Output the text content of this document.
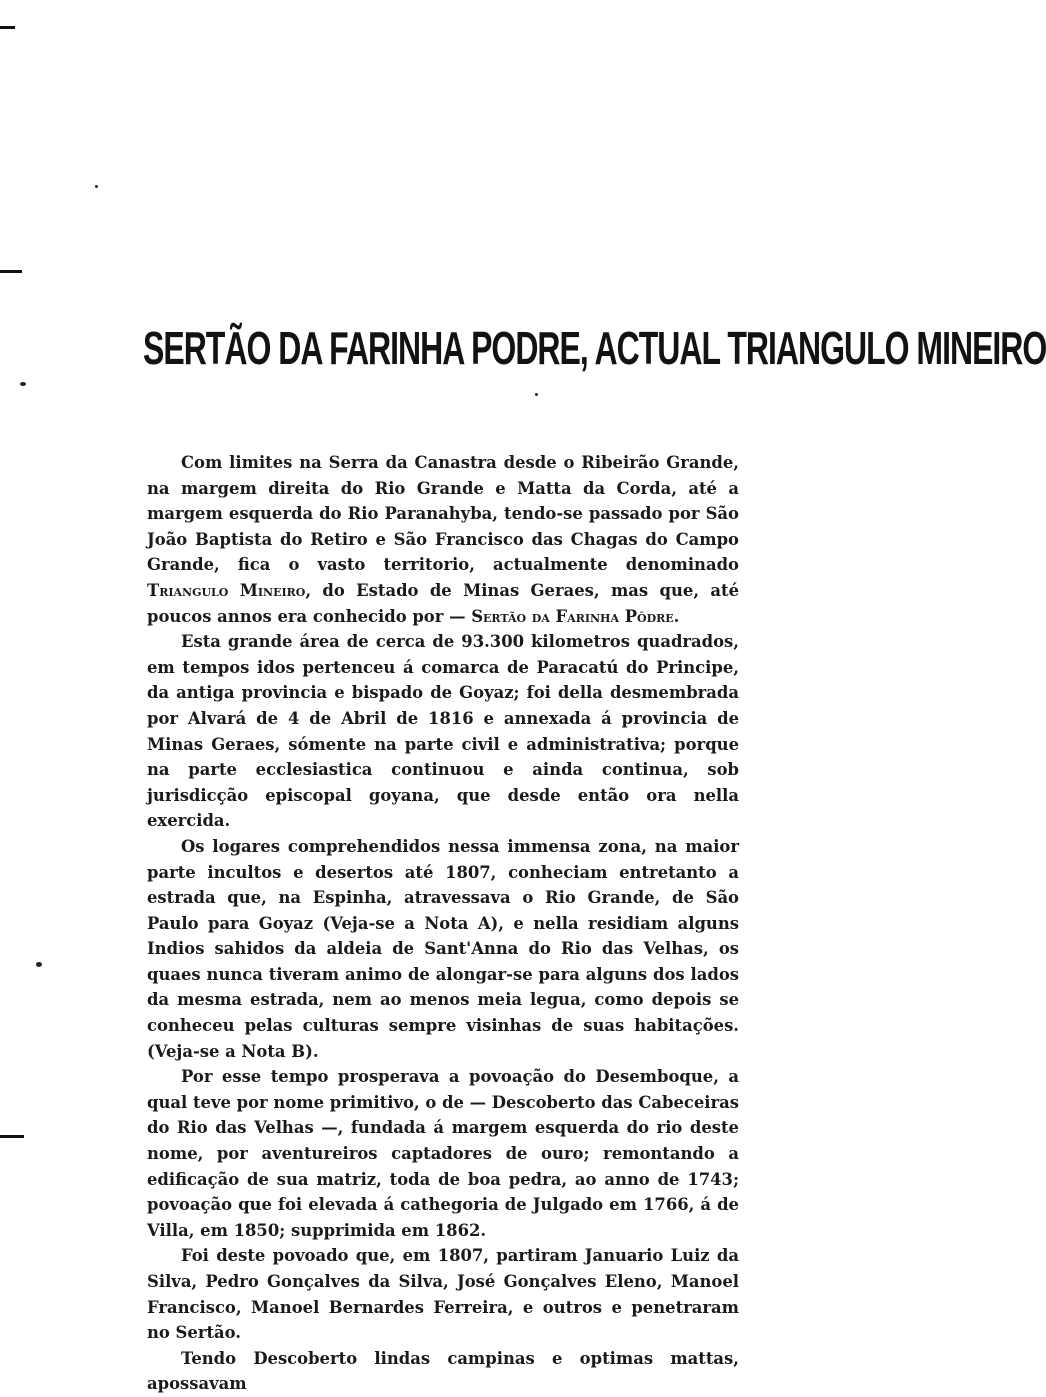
SERTÃO DA FARINHA PODRE, ACTUAL TRIANGULO MINEIRO

Com limites na Serra da Canastra desde o Ribeirão Grande, na margem direita do Rio Grande e Matta da Corda, até a margem esquerda do Rio Paranahyba, tendo-se passado por São João Baptista do Retiro e São Francisco das Chagas do Campo Grande, fica o vasto territorio, actualmente denominado Triangulo Mineiro, do Estado de Minas Geraes, mas que, até poucos annos era conhecido por — Sertão da Farinha Pôdre.

Esta grande área de cerca de 93.300 kilometros quadrados, em tempos idos pertenceu á comarca de Paracatú do Principe, da antiga provincia e bispado de Goyaz; foi della desmembrada por Alvará de 4 de Abril de 1816 e annexada á provincia de Minas Geraes, sómente na parte civil e administrativa; porque na parte ecclesiastica continuou e ainda continua, sob jurisdicção episcopal goyana, que desde então ora nella exercida.

Os logares comprehendidos nessa immensa zona, na maior parte incultos e desertos até 1807, conheciam entretanto a estrada que, na Espinha, atravessava o Rio Grande, de São Paulo para Goyaz (Veja-se a Nota A), e nella residiam alguns Indios sahidos da aldeia de Sant'Anna do Rio das Velhas, os quaes nunca tiveram animo de alongar-se para alguns dos lados da mesma estrada, nem ao menos meia legua, como depois se conheceu pelas culturas sempre visinhas de suas habitações. (Veja-se a Nota B).

Por esse tempo prosperava a povoação do Desemboque, a qual teve por nome primitivo, o de — Descoberto das Cabeceiras do Rio das Velhas —, fundada á margem esquerda do rio deste nome, por aventureiros captadores de ouro; remontando a edificação de sua matriz, toda de boa pedra, ao anno de 1743; povoação que foi elevada á cathegoria de Julgado em 1766, á de Villa, em 1850; supprimida em 1862.

Foi deste povoado que, em 1807, partiram Januario Luiz da Silva, Pedro Gonçalves da Silva, José Gonçalves Eleno, Manoel Francisco, Manoel Bernardes Ferreira, e outros e penetraram no Sertão.

Tendo Descoberto lindas campinas e optimas mattas, apossavam
